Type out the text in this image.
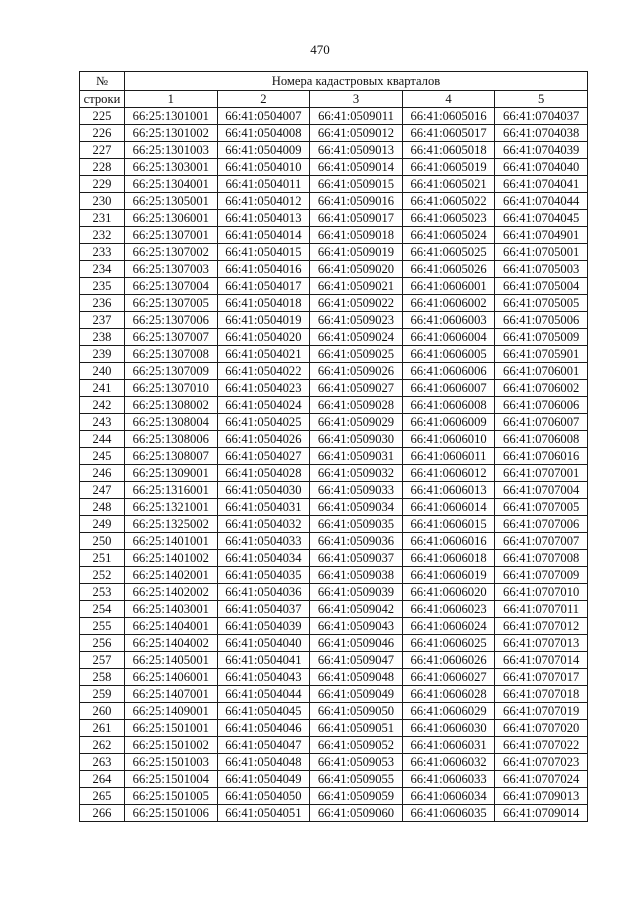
470
№	Номера кадастровых кварталов				
строки	1	2	3	4	5
225	66:25:1301001	66:41:0504007	66:41:0509011	66:41:0605016	66:41:0704037
226	66:25:1301002	66:41:0504008	66:41:0509012	66:41:0605017	66:41:0704038
227	66:25:1301003	66:41:0504009	66:41:0509013	66:41:0605018	66:41:0704039
228	66:25:1303001	66:41:0504010	66:41:0509014	66:41:0605019	66:41:0704040
229	66:25:1304001	66:41:0504011	66:41:0509015	66:41:0605021	66:41:0704041
230	66:25:1305001	66:41:0504012	66:41:0509016	66:41:0605022	66:41:0704044
231	66:25:1306001	66:41:0504013	66:41:0509017	66:41:0605023	66:41:0704045
232	66:25:1307001	66:41:0504014	66:41:0509018	66:41:0605024	66:41:0704901
233	66:25:1307002	66:41:0504015	66:41:0509019	66:41:0605025	66:41:0705001
234	66:25:1307003	66:41:0504016	66:41:0509020	66:41:0605026	66:41:0705003
235	66:25:1307004	66:41:0504017	66:41:0509021	66:41:0606001	66:41:0705004
236	66:25:1307005	66:41:0504018	66:41:0509022	66:41:0606002	66:41:0705005
237	66:25:1307006	66:41:0504019	66:41:0509023	66:41:0606003	66:41:0705006
238	66:25:1307007	66:41:0504020	66:41:0509024	66:41:0606004	66:41:0705009
239	66:25:1307008	66:41:0504021	66:41:0509025	66:41:0606005	66:41:0705901
240	66:25:1307009	66:41:0504022	66:41:0509026	66:41:0606006	66:41:0706001
241	66:25:1307010	66:41:0504023	66:41:0509027	66:41:0606007	66:41:0706002
242	66:25:1308002	66:41:0504024	66:41:0509028	66:41:0606008	66:41:0706006
243	66:25:1308004	66:41:0504025	66:41:0509029	66:41:0606009	66:41:0706007
244	66:25:1308006	66:41:0504026	66:41:0509030	66:41:0606010	66:41:0706008
245	66:25:1308007	66:41:0504027	66:41:0509031	66:41:0606011	66:41:0706016
246	66:25:1309001	66:41:0504028	66:41:0509032	66:41:0606012	66:41:0707001
247	66:25:1316001	66:41:0504030	66:41:0509033	66:41:0606013	66:41:0707004
248	66:25:1321001	66:41:0504031	66:41:0509034	66:41:0606014	66:41:0707005
249	66:25:1325002	66:41:0504032	66:41:0509035	66:41:0606015	66:41:0707006
250	66:25:1401001	66:41:0504033	66:41:0509036	66:41:0606016	66:41:0707007
251	66:25:1401002	66:41:0504034	66:41:0509037	66:41:0606018	66:41:0707008
252	66:25:1402001	66:41:0504035	66:41:0509038	66:41:0606019	66:41:0707009
253	66:25:1402002	66:41:0504036	66:41:0509039	66:41:0606020	66:41:0707010
254	66:25:1403001	66:41:0504037	66:41:0509042	66:41:0606023	66:41:0707011
255	66:25:1404001	66:41:0504039	66:41:0509043	66:41:0606024	66:41:0707012
256	66:25:1404002	66:41:0504040	66:41:0509046	66:41:0606025	66:41:0707013
257	66:25:1405001	66:41:0504041	66:41:0509047	66:41:0606026	66:41:0707014
258	66:25:1406001	66:41:0504043	66:41:0509048	66:41:0606027	66:41:0707017
259	66:25:1407001	66:41:0504044	66:41:0509049	66:41:0606028	66:41:0707018
260	66:25:1409001	66:41:0504045	66:41:0509050	66:41:0606029	66:41:0707019
261	66:25:1501001	66:41:0504046	66:41:0509051	66:41:0606030	66:41:0707020
262	66:25:1501002	66:41:0504047	66:41:0509052	66:41:0606031	66:41:0707022
263	66:25:1501003	66:41:0504048	66:41:0509053	66:41:0606032	66:41:0707023
264	66:25:1501004	66:41:0504049	66:41:0509055	66:41:0606033	66:41:0707024
265	66:25:1501005	66:41:0504050	66:41:0509059	66:41:0606034	66:41:0709013
266	66:25:1501006	66:41:0504051	66:41:0509060	66:41:0606035	66:41:0709014
